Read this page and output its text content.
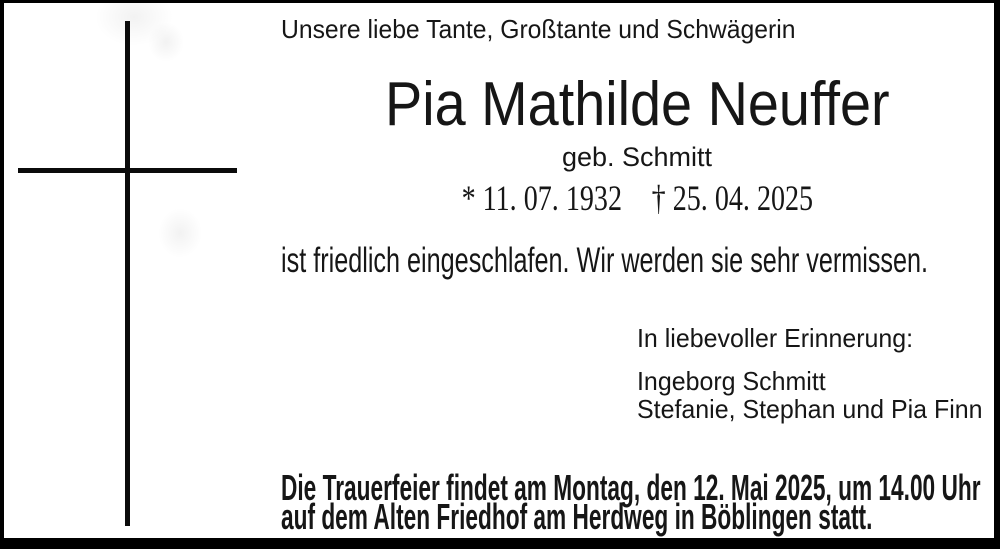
Unsere liebe Tante, Großtante und Schwägerin
Pia Mathilde Neuffer
geb. Schmitt
* 11. 07. 1932 † 25. 04. 2025
ist friedlich eingeschlafen. Wir werden sie sehr vermissen.
In liebevoller Erinnerung:
Ingeborg Schmitt
Stefanie, Stephan und Pia Finn
Die Trauerfeier findet am Montag, den 12. Mai 2025, um 14.00 Uhr
auf dem Alten Friedhof am Herdweg in Böblingen statt.
